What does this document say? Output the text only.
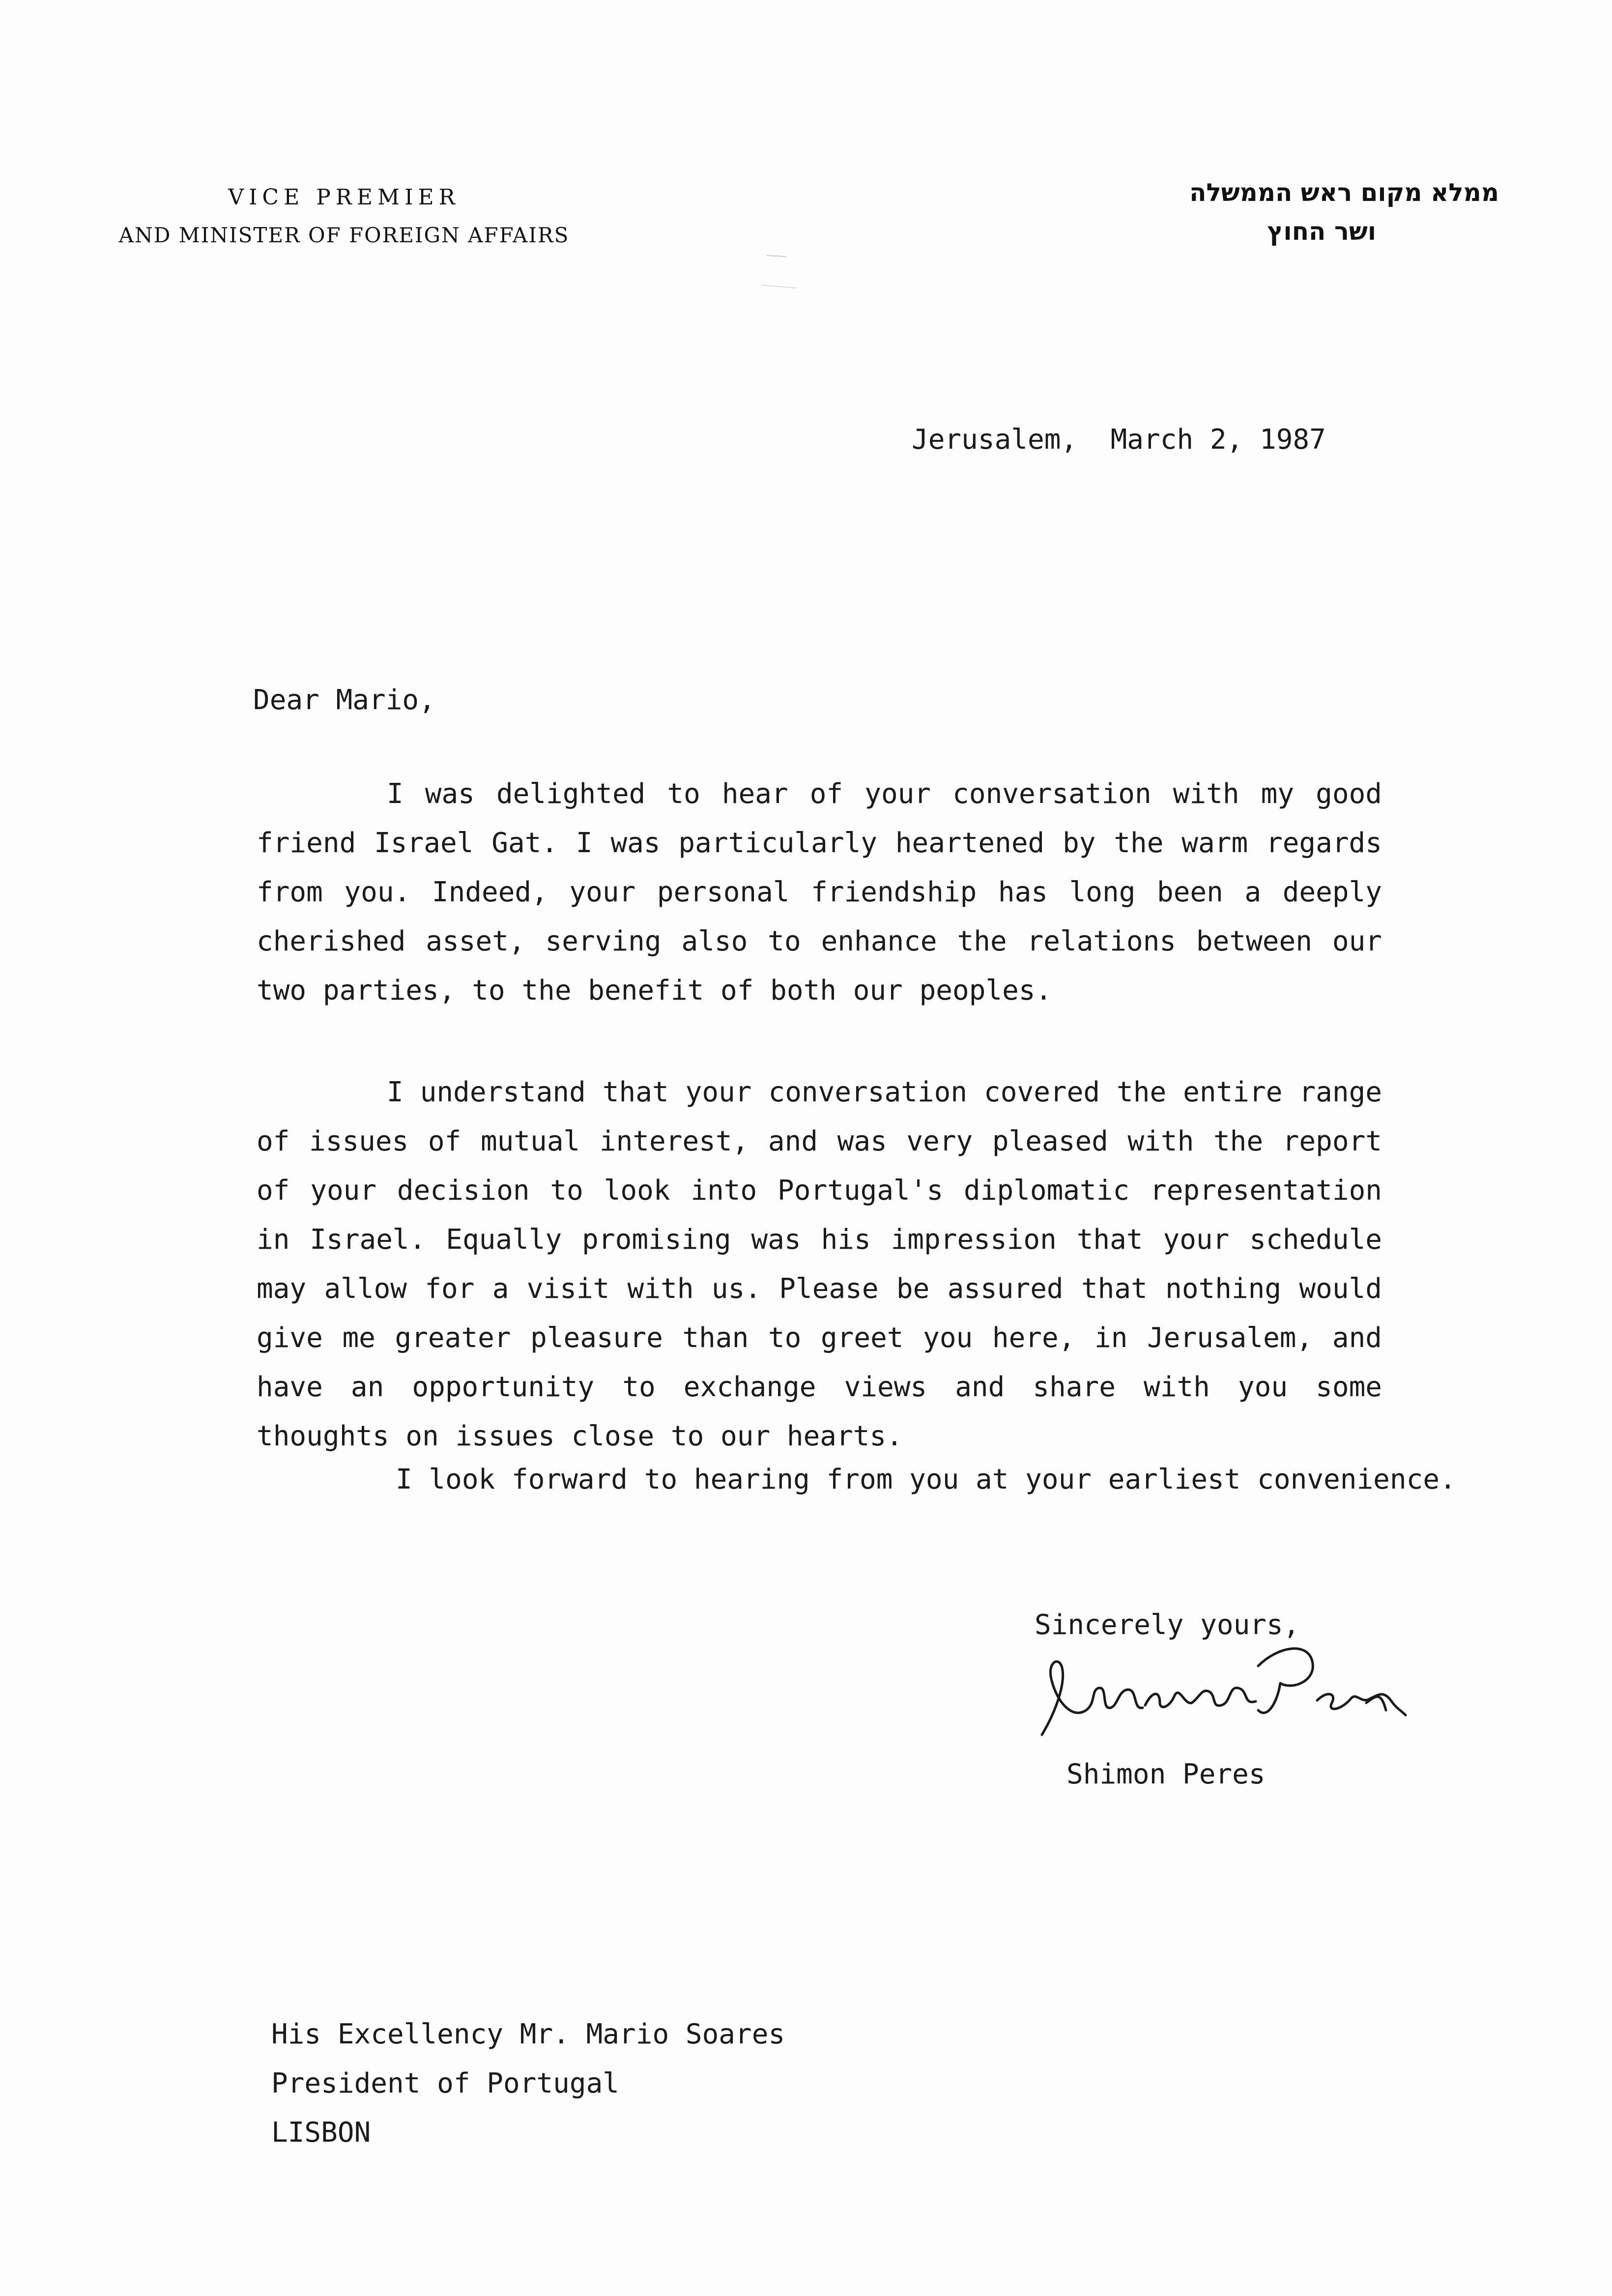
VICE PREMIER
AND MINISTER OF FOREIGN AFFAIRS
ממלא מקום ראש הממשלה
ושר החוץ
Jerusalem,  March 2, 1987
Dear Mario,
I was delighted to hear of your conversation with my good friend Israel Gat. I was particularly heartened by the warm regards from you. Indeed, your personal friendship has long been a deeply cherished asset, serving also to enhance the relations between our two parties, to the benefit of both our peoples.
I understand that your conversation covered the entire range of issues of mutual interest, and was very pleased with the report of your decision to look into Portugal's diplomatic representation in Israel. Equally promising was his impression that your schedule may allow for a visit with us. Please be assured that nothing would give me greater pleasure than to greet you here, in Jerusalem, and have an opportunity to exchange views and share with you some thoughts on issues close to our hearts.
I look forward to hearing from you at your earliest convenience.
Sincerely yours,
Shimon Peres
His Excellency Mr. Mario Soares
President of Portugal
LISBON
